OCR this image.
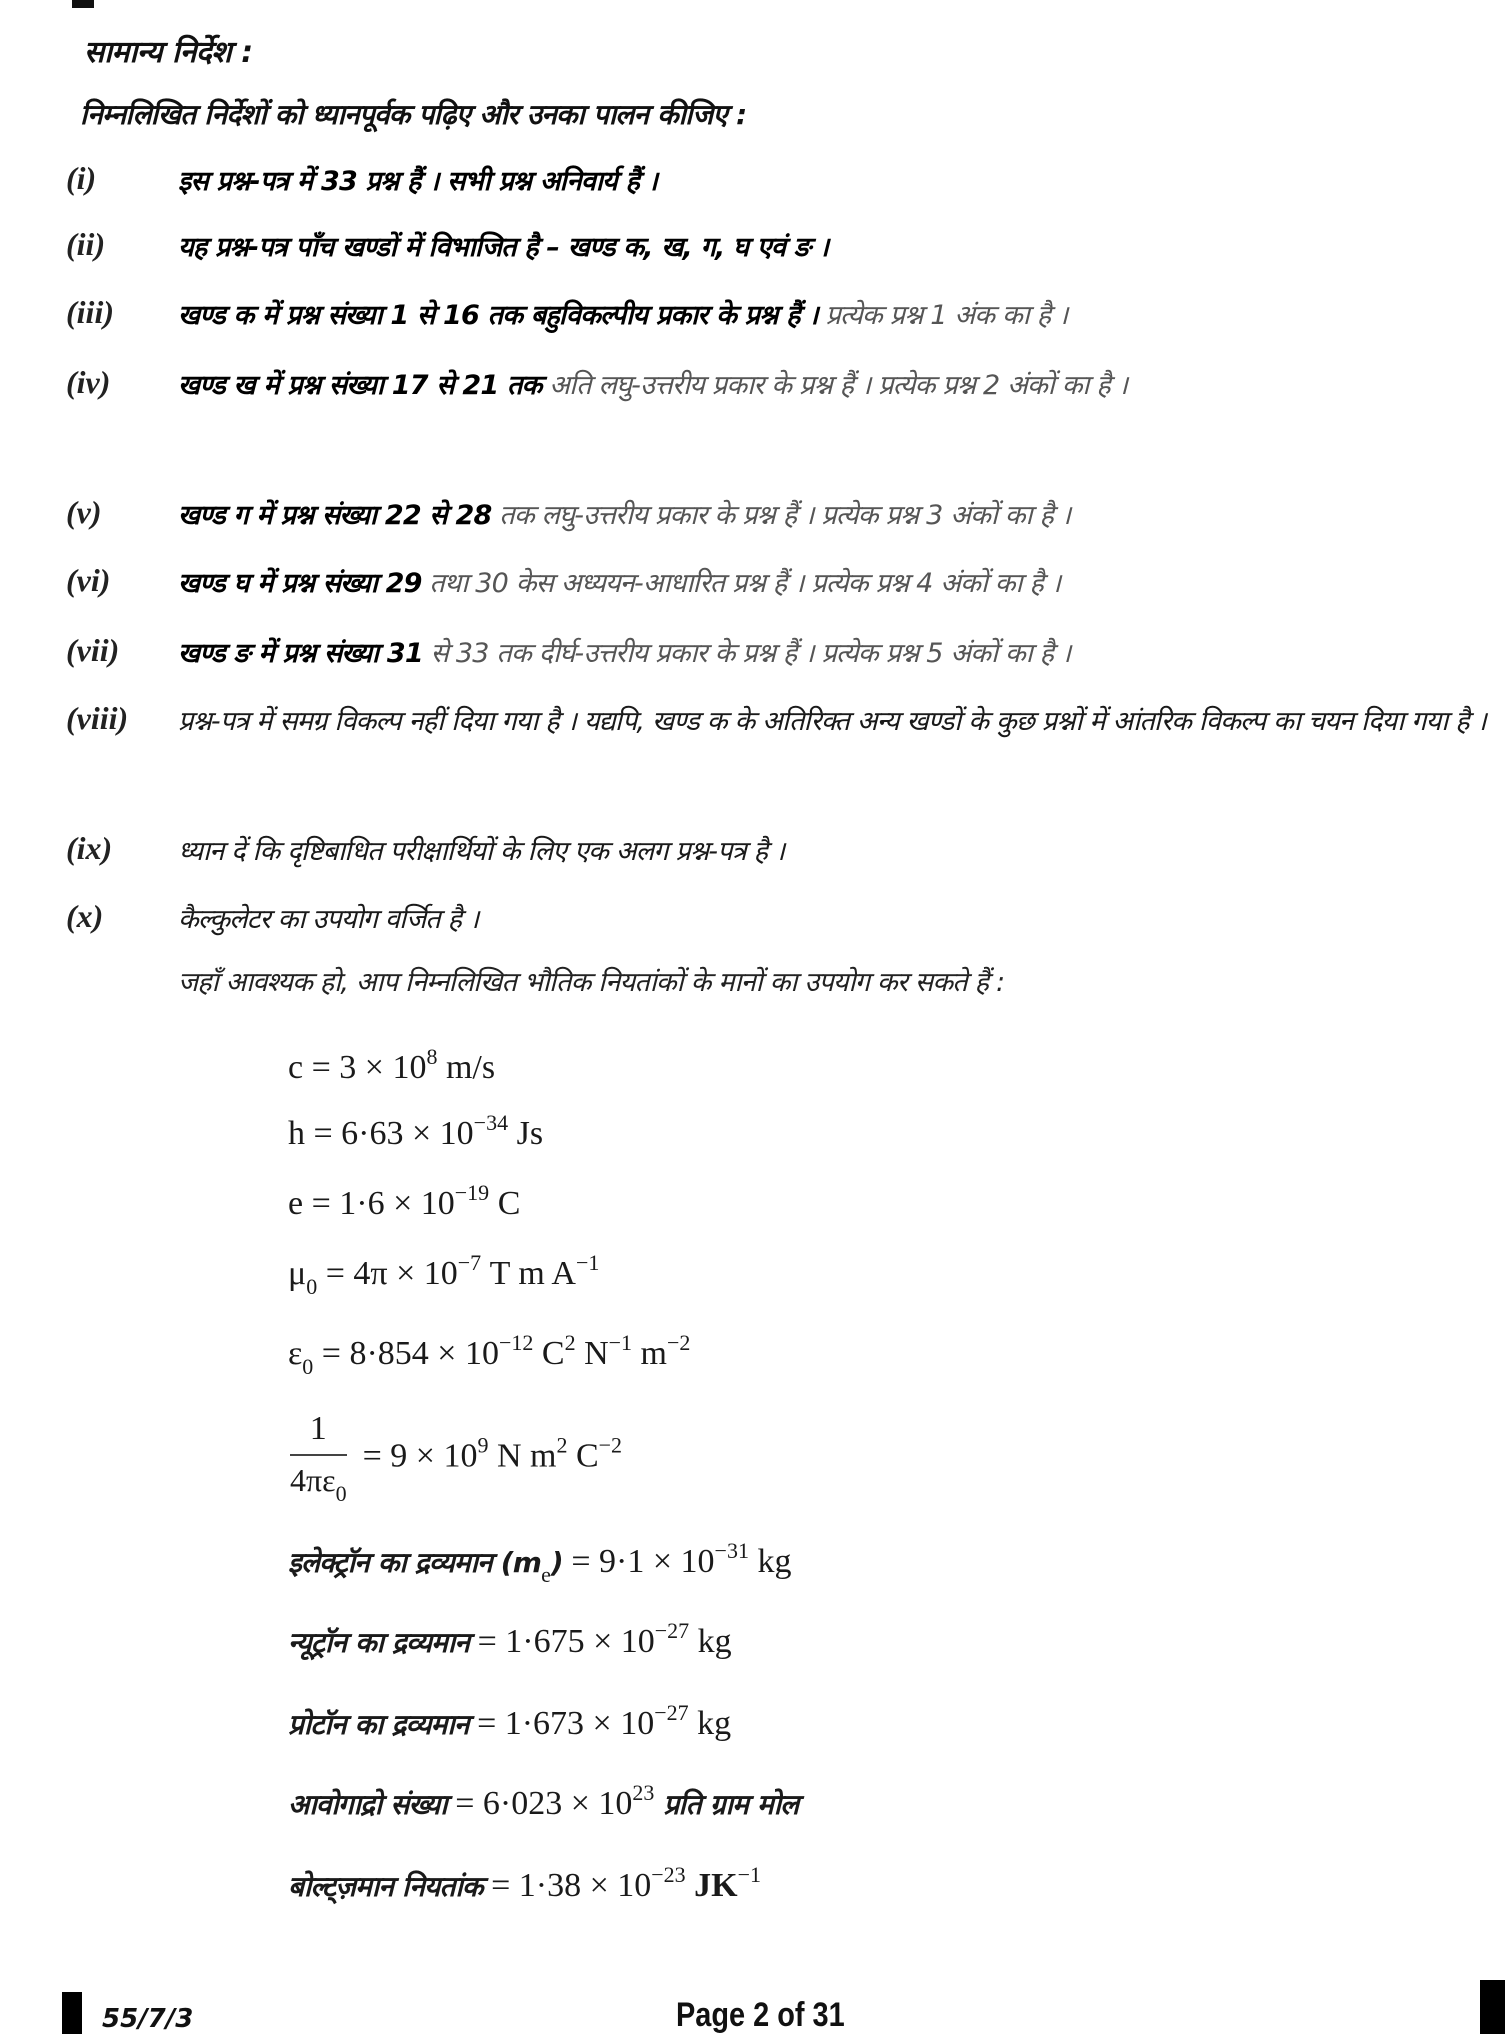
सामान्य निर्देश :
निम्नलिखित निर्देशों को ध्यानपूर्वक पढ़िए और उनका पालन कीजिए :
(i)	इस प्रश्न-पत्र में 33 प्रश्न हैं । सभी प्रश्न अनिवार्य हैं ।
(ii)	यह प्रश्न-पत्र पाँच खण्डों में विभाजित है – खण्ड क, ख, ग, घ एवं ङ ।
(iii)	खण्ड क में प्रश्न संख्या 1 से 16 तक बहुविकल्पीय प्रकार के प्रश्न हैं । प्रत्येक प्रश्न 1 अंक का है ।
(iv)	खण्ड ख में प्रश्न संख्या 17 से 21 तक अति लघु-उत्तरीय प्रकार के प्रश्न हैं । प्रत्येक प्रश्न 2 अंकों का है ।
(v)	खण्ड ग में प्रश्न संख्या 22 से 28 तक लघु-उत्तरीय प्रकार के प्रश्न हैं । प्रत्येक प्रश्न 3 अंकों का है ।
(vi)	खण्ड घ में प्रश्न संख्या 29 तथा 30 केस अध्ययन-आधारित प्रश्न हैं । प्रत्येक प्रश्न 4 अंकों का है ।
(vii)	खण्ड ङ में प्रश्न संख्या 31 से 33 तक दीर्घ-उत्तरीय प्रकार के प्रश्न हैं । प्रत्येक प्रश्न 5 अंकों का है ।
(viii)	प्रश्न-पत्र में समग्र विकल्प नहीं दिया गया है । यद्यपि, खण्ड क के अतिरिक्त अन्य खण्डों के कुछ प्रश्नों में आंतरिक विकल्प का चयन दिया गया है ।
(ix)	ध्यान दें कि दृष्टिबाधित परीक्षार्थियों के लिए एक अलग प्रश्न-पत्र है ।
(x)	कैल्कुलेटर का उपयोग वर्जित है ।
जहाँ आवश्यक हो, आप निम्नलिखित भौतिक नियतांकों के मानों का उपयोग कर सकते हैं :
$c = 3 \times 10^8$ m/s
$h = 6\cdot 63 \times 10^{-34}$ Js
$e = 1\cdot 6 \times 10^{-19}$ C
$\mu_0 = 4\pi \times 10^{-7}$ T m $A^{-1}$
$\varepsilon_0 = 8\cdot 854 \times 10^{-12}$ $C^2$ $N^{-1}$ $m^{-2}$
$\frac{1}{4\pi\varepsilon_0} = 9 \times 10^9$ N $m^2$ $C^{-2}$
इलेक्ट्रॉन का द्रव्यमान $(m_e) = 9\cdot 1 \times 10^{-31}$ kg
न्यूट्रॉन का द्रव्यमान = $1\cdot 675 \times 10^{-27}$ kg
प्रोटॉन का द्रव्यमान = $1\cdot 673 \times 10^{-27}$ kg
आवोगाद्रो संख्या = $6\cdot 023 \times 10^{23}$ प्रति ग्राम मोल
बोल्ट्ज़मान नियतांक = $1\cdot 38 \times 10^{-23}$ $JK^{-1}$
55/7/3	Page 2 of 31
